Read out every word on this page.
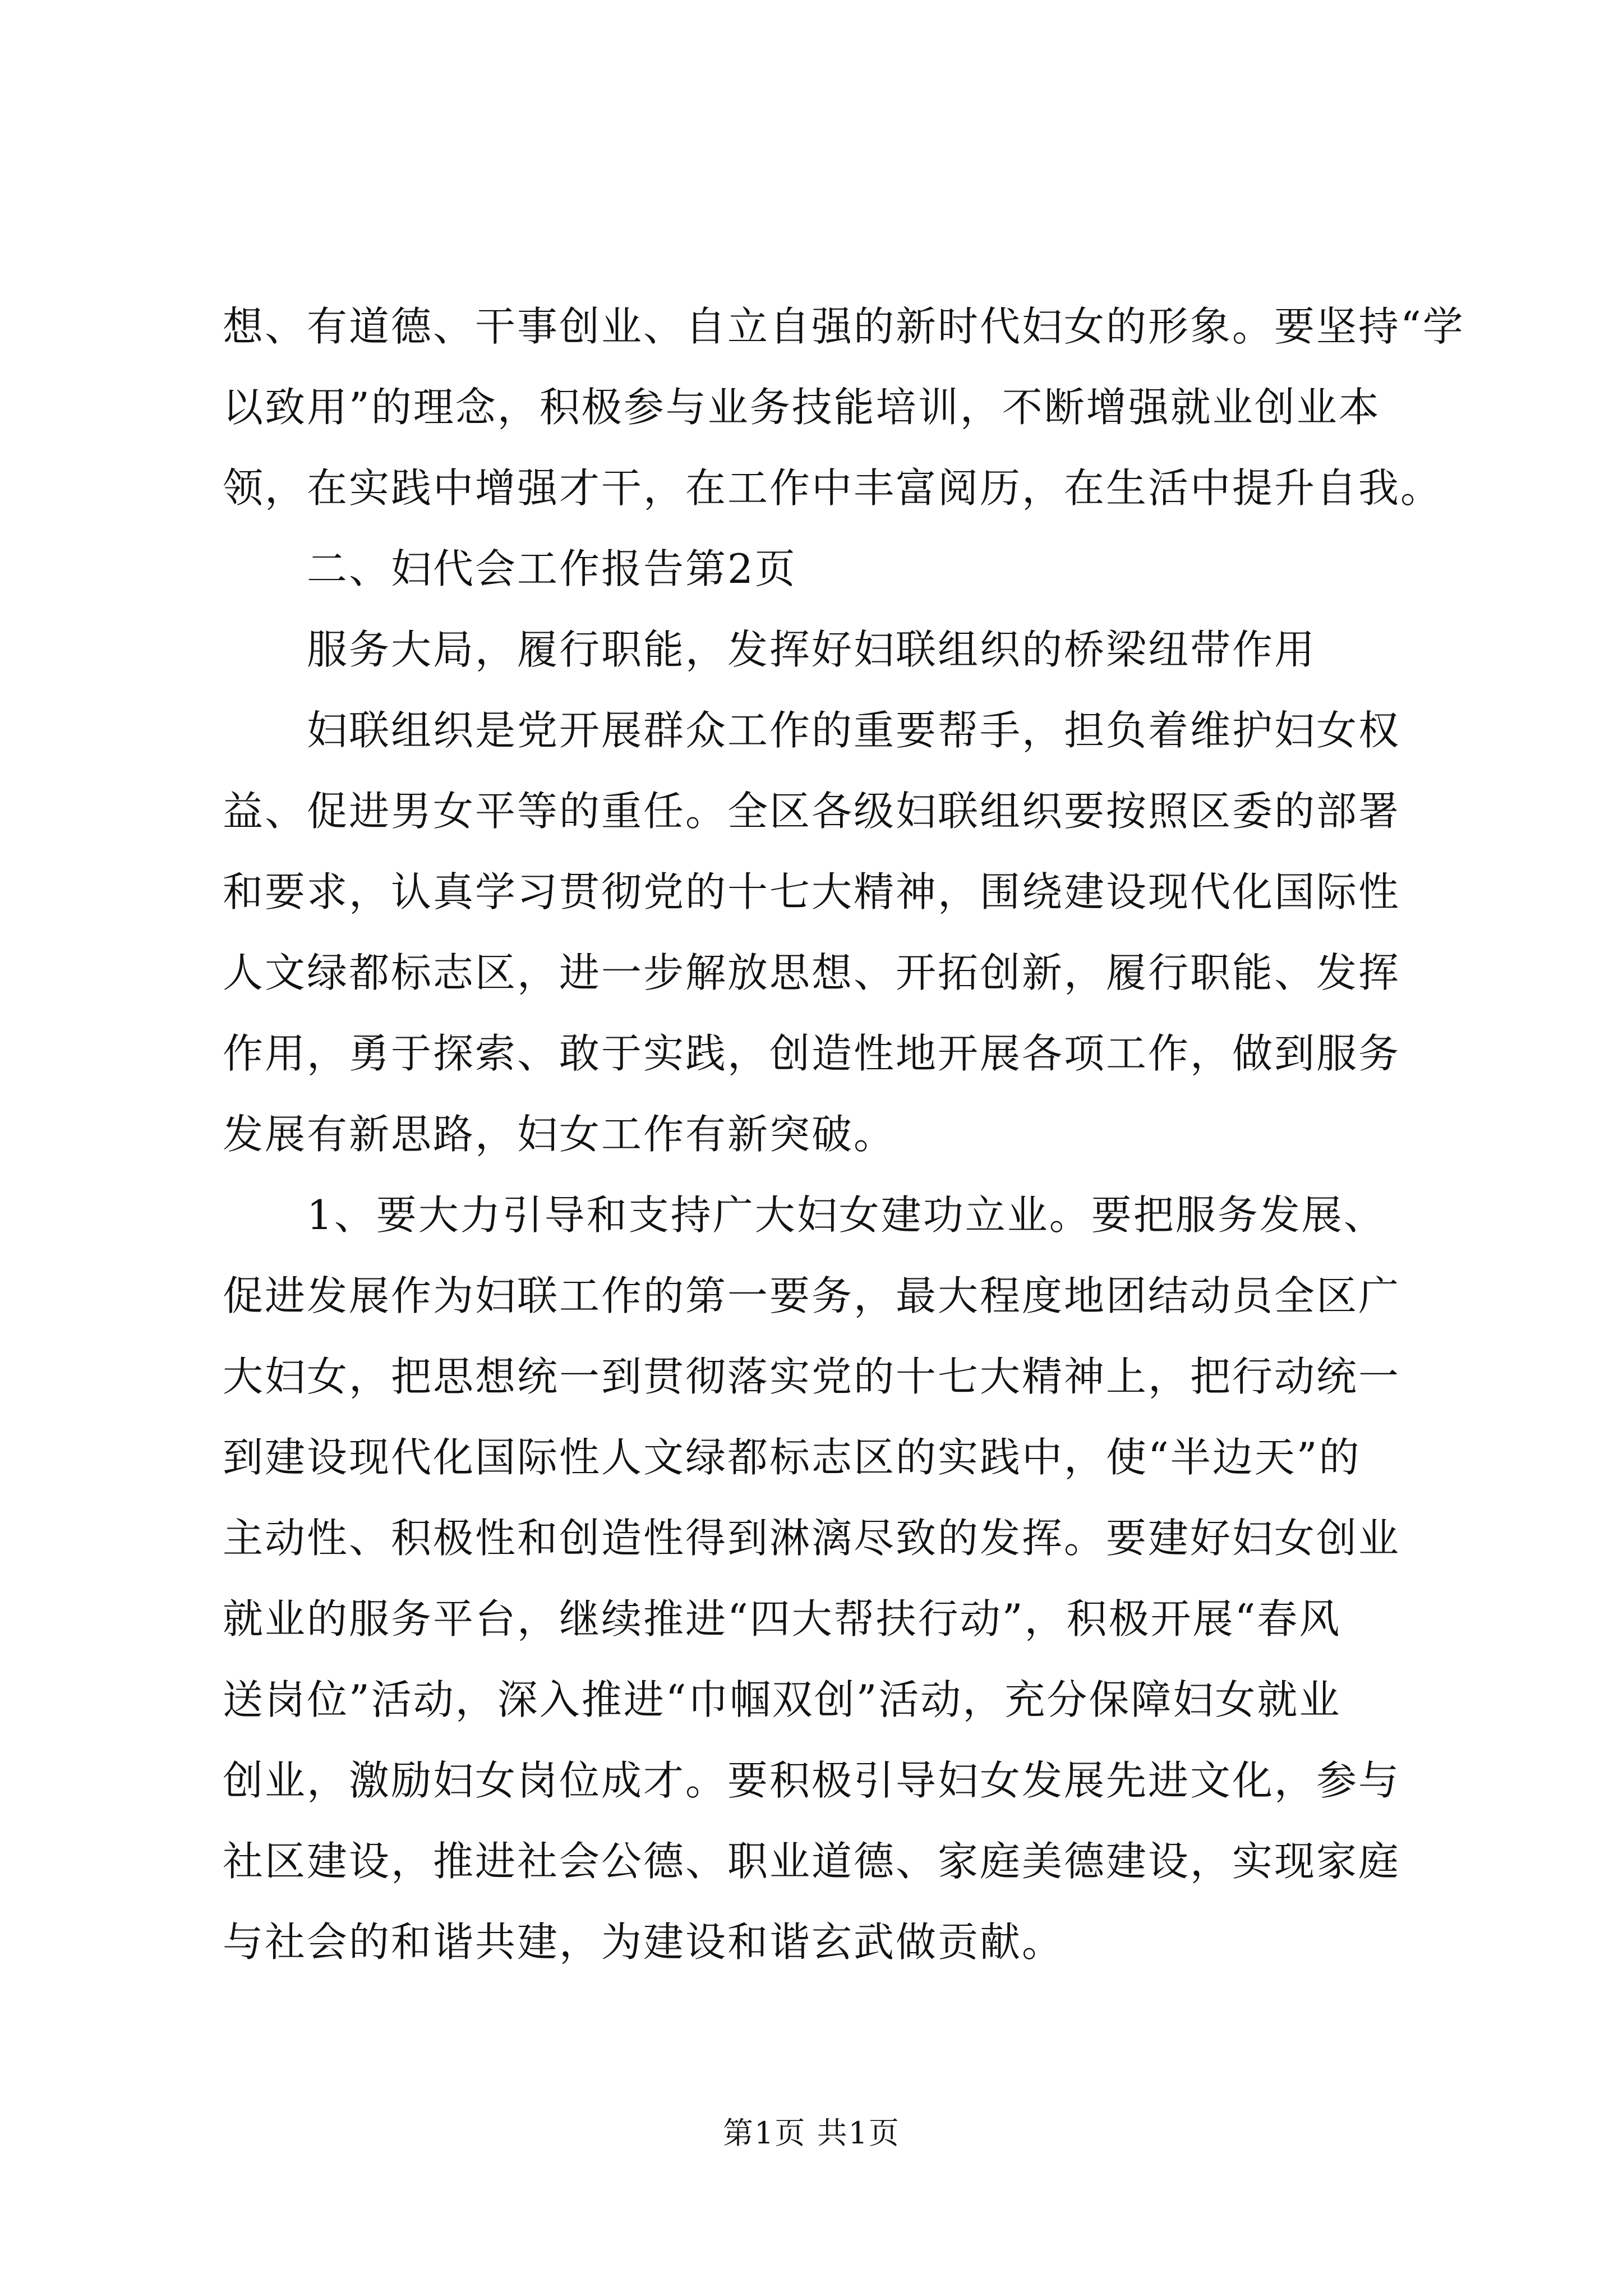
想、有道德、干事创业、自立自强的新时代妇女的形象。要坚持“学
以致用”的理念，积极参与业务技能培训，不断增强就业创业本
领，在实践中增强才干，在工作中丰富阅历，在生活中提升自我。
二、妇代会工作报告第2页
服务大局，履行职能，发挥好妇联组织的桥梁纽带作用
妇联组织是党开展群众工作的重要帮手，担负着维护妇女权
益、促进男女平等的重任。全区各级妇联组织要按照区委的部署
和要求，认真学习贯彻党的十七大精神，围绕建设现代化国际性
人文绿都标志区，进一步解放思想、开拓创新，履行职能、发挥
作用，勇于探索、敢于实践，创造性地开展各项工作，做到服务
发展有新思路，妇女工作有新突破。
1、要大力引导和支持广大妇女建功立业。要把服务发展、
促进发展作为妇联工作的第一要务，最大程度地团结动员全区广
大妇女，把思想统一到贯彻落实党的十七大精神上，把行动统一
到建设现代化国际性人文绿都标志区的实践中，使“半边天”的
主动性、积极性和创造性得到淋漓尽致的发挥。要建好妇女创业
就业的服务平台，继续推进“四大帮扶行动”，积极开展“春风
送岗位”活动，深入推进“巾帼双创”活动，充分保障妇女就业
创业，激励妇女岗位成才。要积极引导妇女发展先进文化，参与
社区建设，推进社会公德、职业道德、家庭美德建设，实现家庭
与社会的和谐共建，为建设和谐玄武做贡献。
第1页 共1页
